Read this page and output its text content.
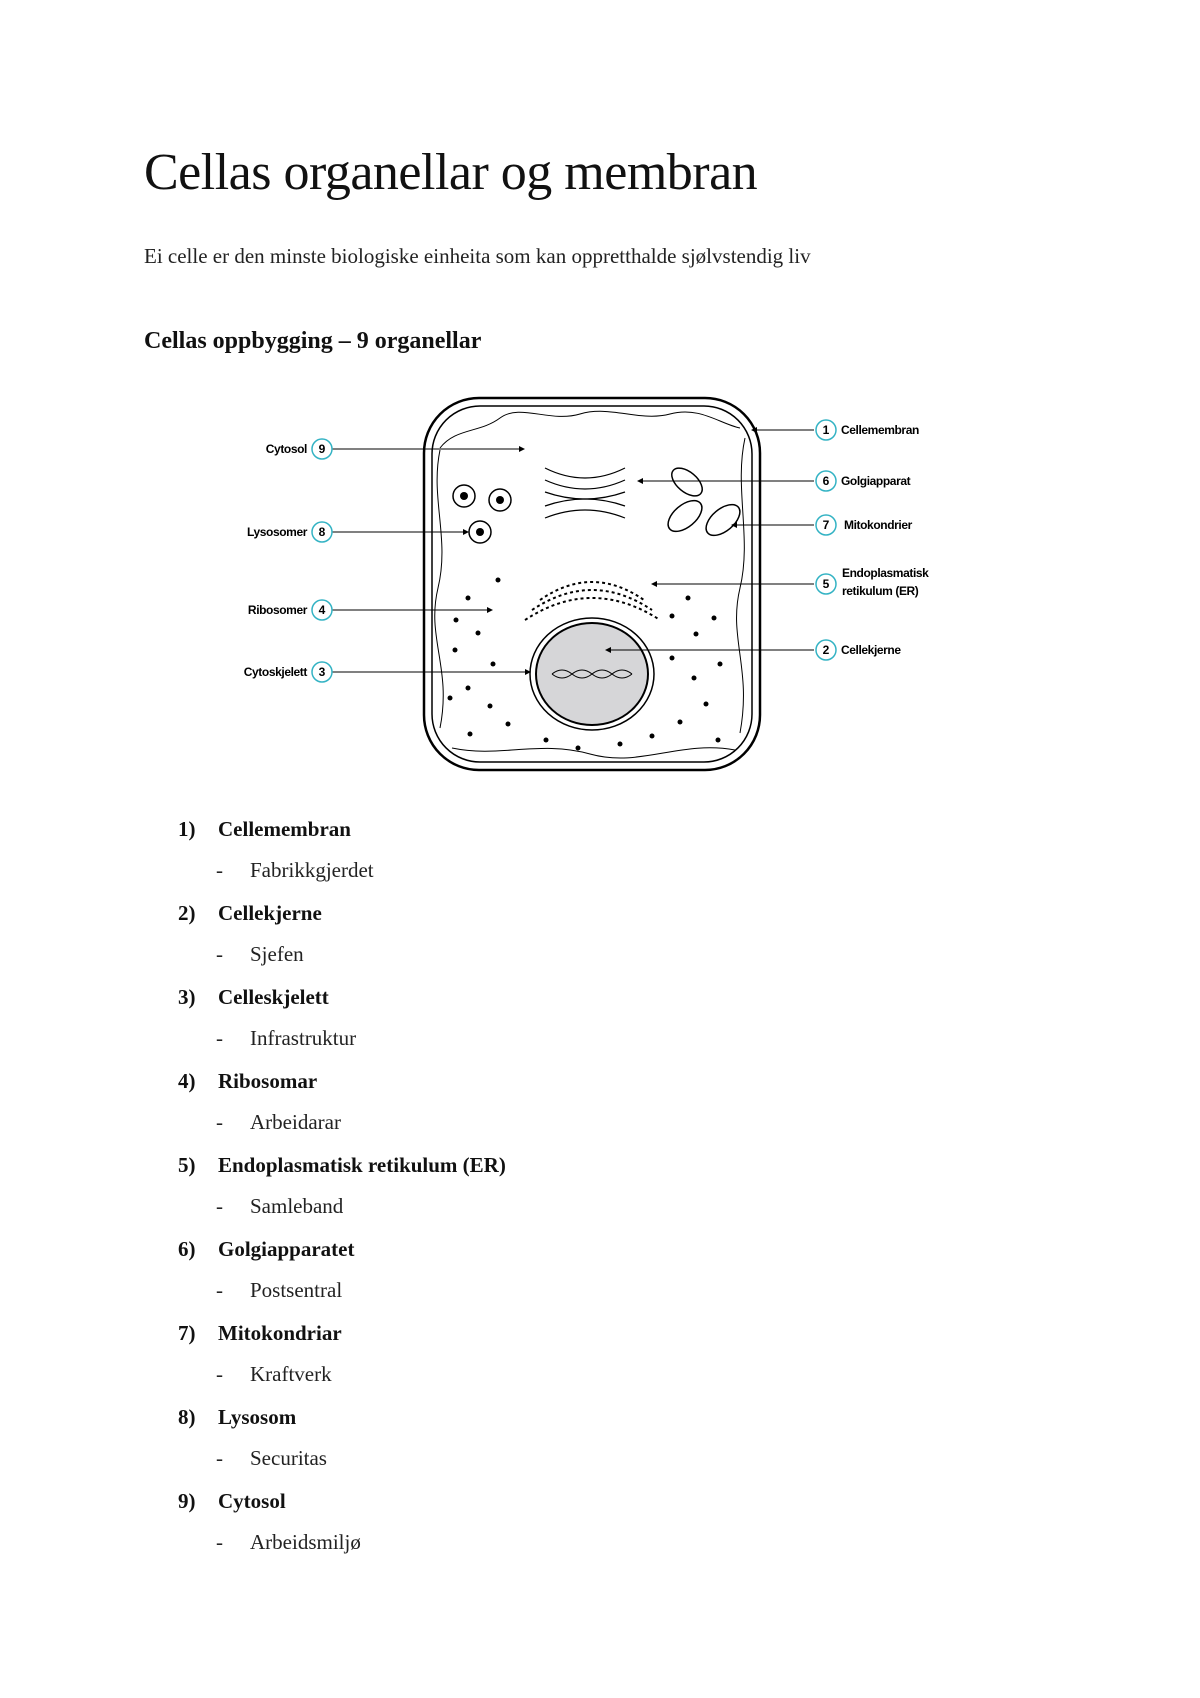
Cellas organellar og membran

Ei celle er den minste biologiske einheita som kan oppretthalde sjølvstendig liv

Cellas oppbygging – 9 organellar
1 Cellemembran
6 Golgiapparat
7 Mitokondrier
5
Endoplasmatisk
retikulum (ER)
2 Cellekjerne
9
Cytosol
8
Lysosomer
4
Ribosomer
3
Cytoskjelett
1) Cellemembran
- Fabrikkgjerdet
2) Cellekjerne
- Sjefen
3) Celleskjelett
- Infrastruktur
4) Ribosomar
- Arbeidarar
5) Endoplasmatisk retikulum (ER)
- Samleband
6) Golgiapparatet
- Postsentral
7) Mitokondriar
- Kraftverk
8) Lysosom
- Securitas
9) Cytosol
- Arbeidsmiljø
